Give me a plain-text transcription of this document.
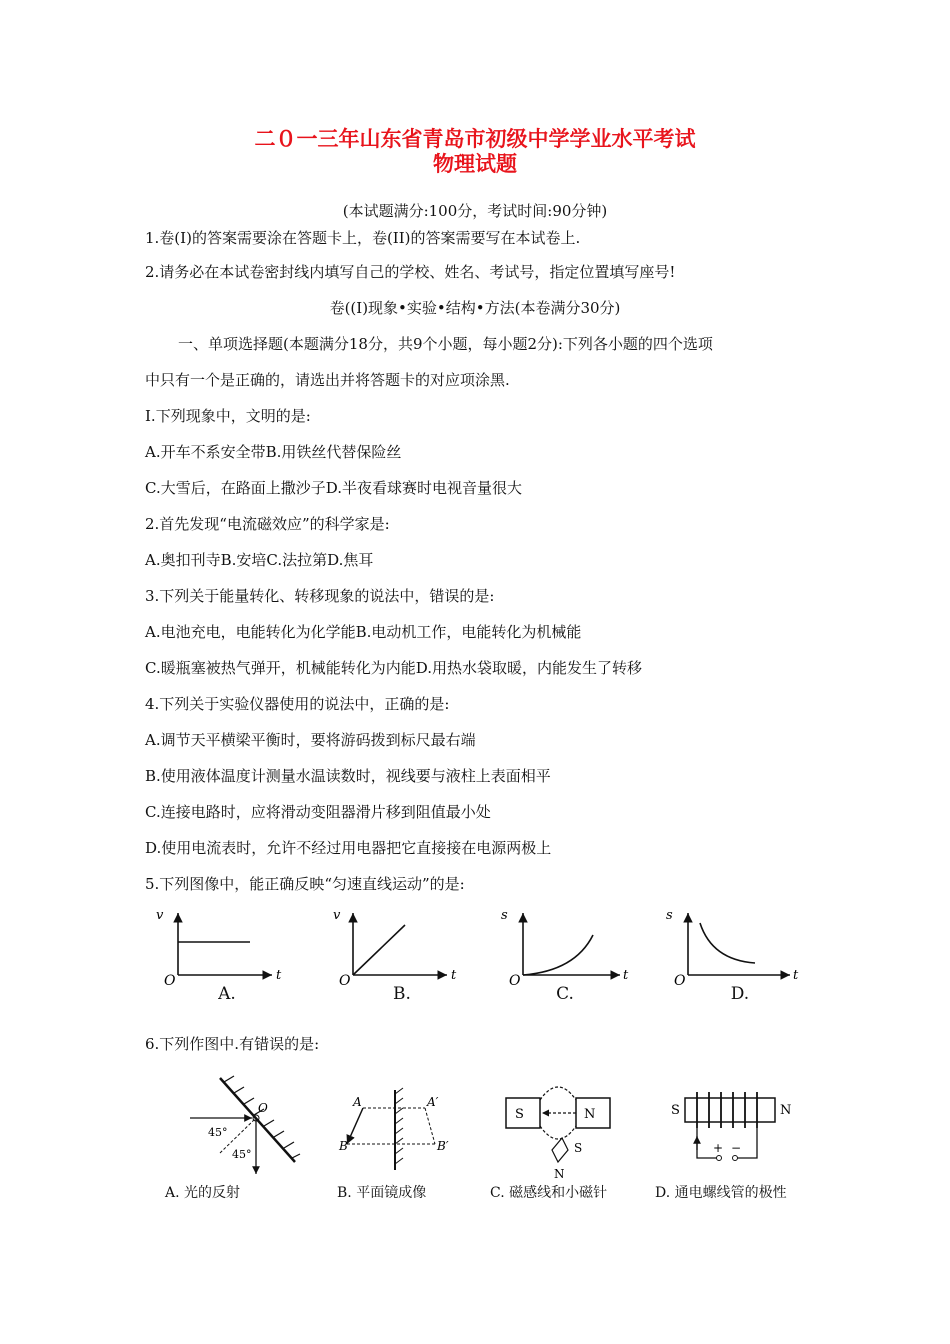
二０一三年山东省青岛市初级中学学业水平考试
物理试题
(本试题满分:100分，考试时间:90分钟)
1.卷(I)的答案需要涂在答题卡上，卷(II)的答案需要写在本试卷上.
2.请务必在本试卷密封线内填写自己的学校、姓名、考试号，指定位置填写座号!
卷((I)现象•实验•结构•方法(本卷满分30分)
一、单项选择题(本题满分18分，共9个小题，每小题2分):下列各小题的四个选项
中只有一个是正确的，请选出并将答题卡的对应项涂黑.
I.下列现象中，文明的是:
A.开车不系安全带B.用铁丝代替保险丝
C.大雪后，在路面上撒沙子D.半夜看球赛时电视音量很大
2.首先发现“电流磁效应”的科学家是:
A.奥扣刊寺B.安培C.法拉第D.焦耳
3.下列关于能量转化、转移现象的说法中，错误的是:
A.电池充电，电能转化为化学能B.电动机工作，电能转化为机械能
C.暖瓶塞被热气弹开，机械能转化为内能D.用热水袋取暖，内能发生了转移
4.下列关于实验仪器使用的说法中，正确的是:
A.调节天平横梁平衡时，要将游码拨到标尺最右端
B.使用液体温度计测量水温读数时，视线要与液柱上表面相平
C.连接电路时，应将滑动变阻器滑片移到阻值最小处
D.使用电流表时，允许不经过用电器把它直接接在电源两极上
5.下列图像中，能正确反映“匀速直线运动”的是:
v
O	t
v
O	t
s
O	t
s
O	t
A.	B.	C.	D.
6.下列作图中.有错误的是:
O
45°
45°
A
B
A′
B′
S	N
S
N
S	N
+ −
A. 光的反射	B. 平面镜成像	C. 磁感线和小磁针	D. 通电螺线管的极性
